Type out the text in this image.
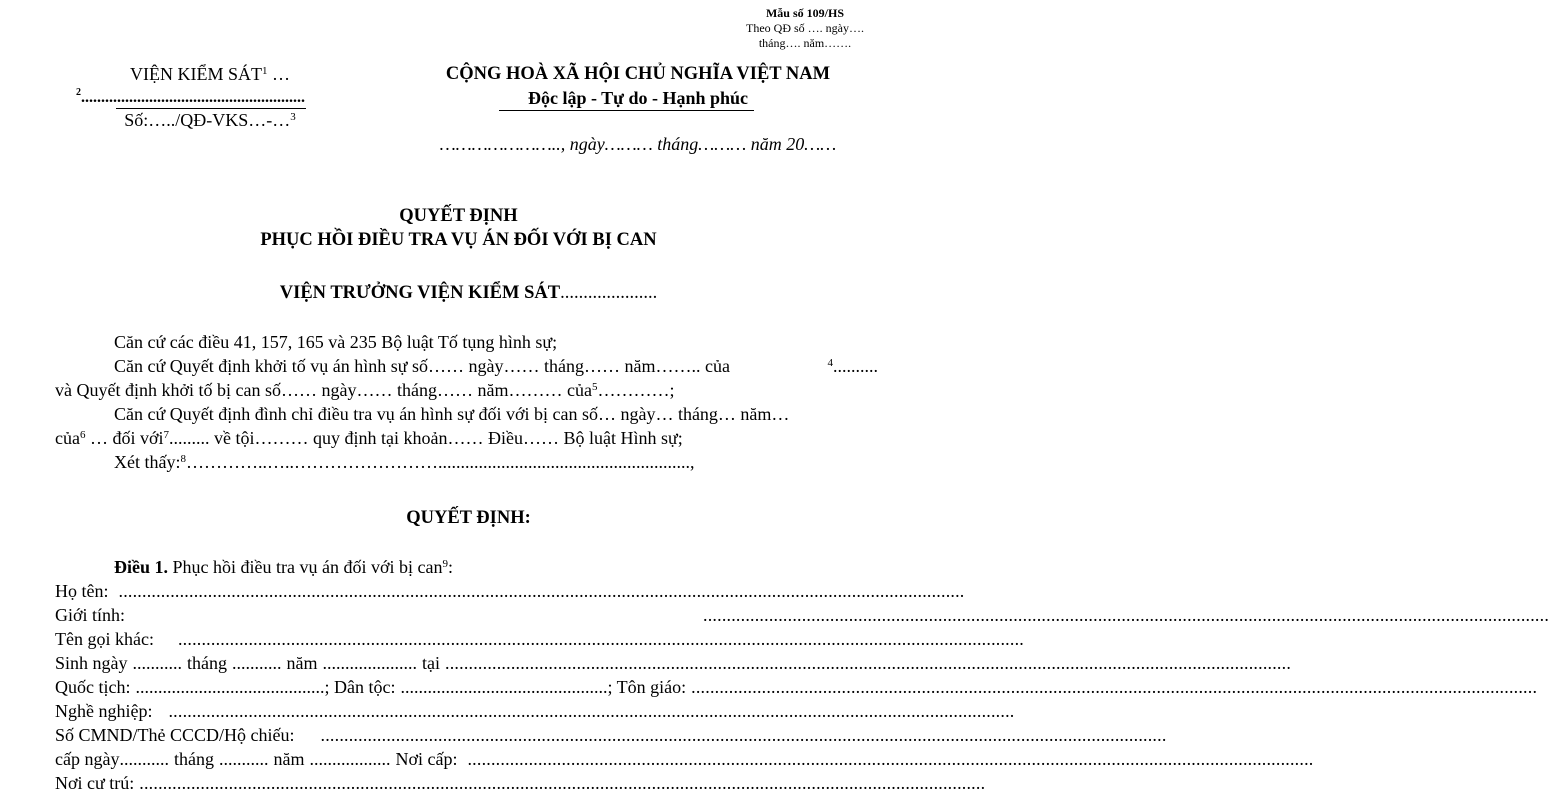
Mẫu số 109/HS
Theo QĐ số …. ngày….
tháng…. năm…….
VIỆN KIỂM SÁT$^1$ …
$^2$........................................................
Số:…../QĐ-VKS…-…$^3$
CỘNG HOÀ XÃ HỘI CHỦ NGHĨA VIỆT NAM
Độc lập - Tự do - Hạnh phúc
………………….., ngày……… tháng……… năm 20……
QUYẾT ĐỊNH
PHỤC HỒI ĐIỀU TRA VỤ ÁN ĐỐI VỚI BỊ CAN
VIỆN TRƯỞNG VIỆN KIỂM SÁT.....................
Căn cứ các điều 41, 157, 165 và 235 Bộ luật Tố tụng hình sự;
Căn cứ Quyết định khởi tố vụ án hình sự số…… ngày…… tháng…… năm…….. của	$^4$..........
và Quyết định khởi tố bị can số…… ngày…… tháng…… năm……… của$^5$…………;
Căn cứ Quyết định đình chỉ điều tra vụ án hình sự đối với bị can số… ngày… tháng… năm…
của$^6$ … đối với$^7$......... về tội……… quy định tại khoản…… Điều…… Bộ luật Hình sự;
Xét thấy:$^8$…………..…..……………………........................................................,
QUYẾT ĐỊNH:
Điều 1. Phục hồi điều tra vụ án đối với bị can$^9$:
Họ tên: ....................................................................................................................................................................................
Giới tính:	....................................................................................................................................................................................
Tên gọi khác: ....................................................................................................................................................................................
Sinh ngày ........... tháng ........... năm ..................... tại ....................................................................................................................................................................................
Quốc tịch: .......................................... ; Dân tộc: .............................................. ; Tôn giáo: ....................................................................................................................................................................................
Nghề nghiệp: ....................................................................................................................................................................................
Số CMND/Thẻ CCCD/Hộ chiếu: ....................................................................................................................................................................................
cấp ngày ........... tháng ........... năm .................. Nơi cấp: ....................................................................................................................................................................................
Nơi cư trú: ....................................................................................................................................................................................
